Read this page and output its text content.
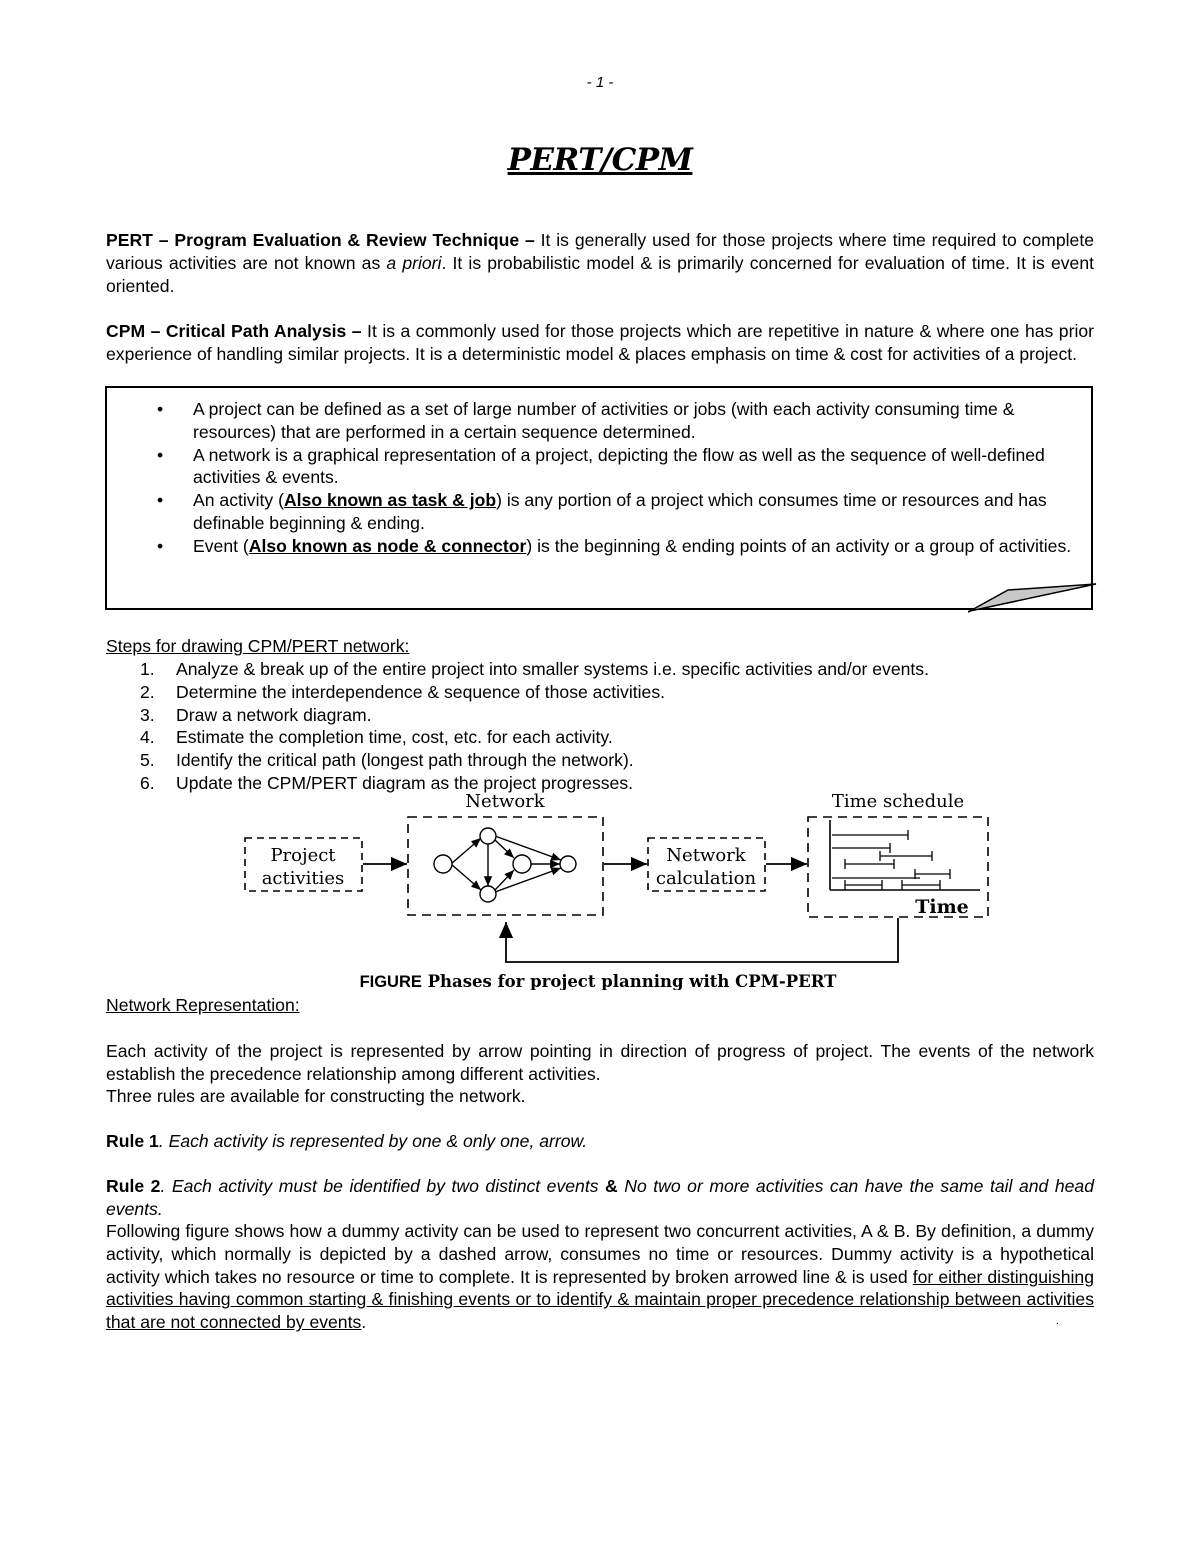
- 1 -
PERT/CPM
PERT – Program Evaluation & Review Technique – It is generally used for those projects where time required to complete various activities are not known as a priori. It is probabilistic model & is primarily concerned for evaluation of time. It is event oriented.
CPM – Critical Path Analysis – It is a commonly used for those projects which are repetitive in nature & where one has prior experience of handling similar projects. It is a deterministic model & places emphasis on time & cost for activities of a project.
• A project can be defined as a set of large number of activities or jobs (with each activity consuming time & resources) that are performed in a certain sequence determined.
• A network is a graphical representation of a project, depicting the flow as well as the sequence of well-defined activities & events.
• An activity (Also known as task & job) is any portion of a project which consumes time or resources and has definable beginning & ending.
• Event (Also known as node & connector) is the beginning & ending points of an activity or a group of activities.
Steps for drawing CPM/PERT network:
1. Analyze & break up of the entire project into smaller systems i.e. specific activities and/or events.
2. Determine the interdependence & sequence of those activities.
3. Draw a network diagram.
4. Estimate the completion time, cost, etc. for each activity.
5. Identify the critical path (longest path through the network).
6. Update the CPM/PERT diagram as the project progresses.
Project
activities
Network
Network
calculation
Time schedule
Time
FIGURE Phases for project planning with CPM-PERT
Network Representation:
Each activity of the project is represented by arrow pointing in direction of progress of project. The events of the network establish the precedence relationship among different activities.
Three rules are available for constructing the network.
Rule 1. Each activity is represented by one & only one, arrow.
Rule 2. Each activity must be identified by two distinct events & No two or more activities can have the same tail and head events.
Following figure shows how a dummy activity can be used to represent two concurrent activities, A & B. By definition, a dummy activity, which normally is depicted by a dashed arrow, consumes no time or resources. Dummy activity is a hypothetical activity which takes no resource or time to complete. It is represented by broken arrowed line & is used for either distinguishing activities having common starting & finishing events or to identify & maintain proper precedence relationship between activities that are not connected by events.	.
